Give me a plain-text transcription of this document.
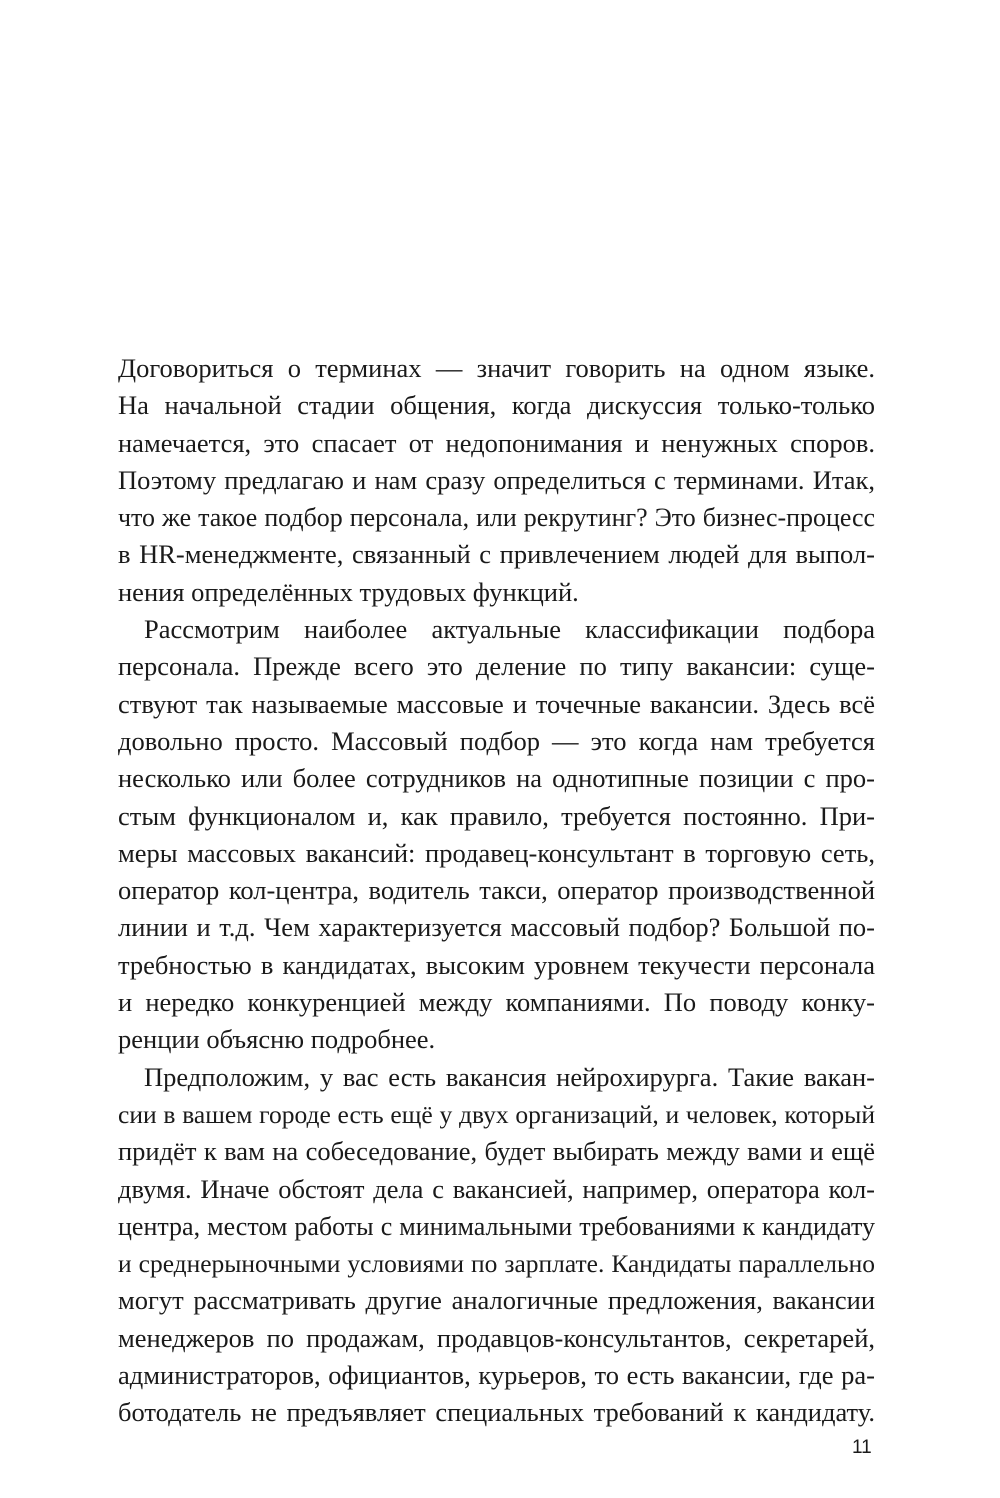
Договориться о терминах — значит говорить на одном языке.
На начальной стадии общения, когда дискуссия только-только
намечается, это спасает от недопонимания и ненужных споров.
Поэтому предлагаю и нам сразу определиться с терминами. Итак,
что же такое подбор персонала, или рекрутинг? Это бизнес-процесс
в HR-менеджменте, связанный с привлечением людей для выпол-
нения определённых трудовых функций.
Рассмотрим наиболее актуальные классификации подбора
персонала. Прежде всего это деление по типу вакансии: суще-
ствуют так называемые массовые и точечные вакансии. Здесь всё
довольно просто. Массовый подбор — это когда нам требуется
несколько или более сотрудников на однотипные позиции с про-
стым функционалом и, как правило, требуется постоянно. При-
меры массовых вакансий: продавец-консультант в торговую сеть,
оператор кол-центра, водитель такси, оператор производственной
линии и т.д. Чем характеризуется массовый подбор? Большой по-
требностью в кандидатах, высоким уровнем текучести персонала
и нередко конкуренцией между компаниями. По поводу конку-
ренции объясню подробнее.
Предположим, у вас есть вакансия нейрохирурга. Такие вакан-
сии в вашем городе есть ещё у двух организаций, и человек, который
придёт к вам на собеседование, будет выбирать между вами и ещё
двумя. Иначе обстоят дела с вакансией, например, оператора кол-
центра, местом работы с минимальными требованиями к кандидату
и среднерыночными условиями по зарплате. Кандидаты параллельно
могут рассматривать другие аналогичные предложения, вакансии
менеджеров по продажам, продавцов-консультантов, секретарей,
администраторов, официантов, курьеров, то есть вакансии, где ра-
ботодатель не предъявляет специальных требований к кандидату.
11
